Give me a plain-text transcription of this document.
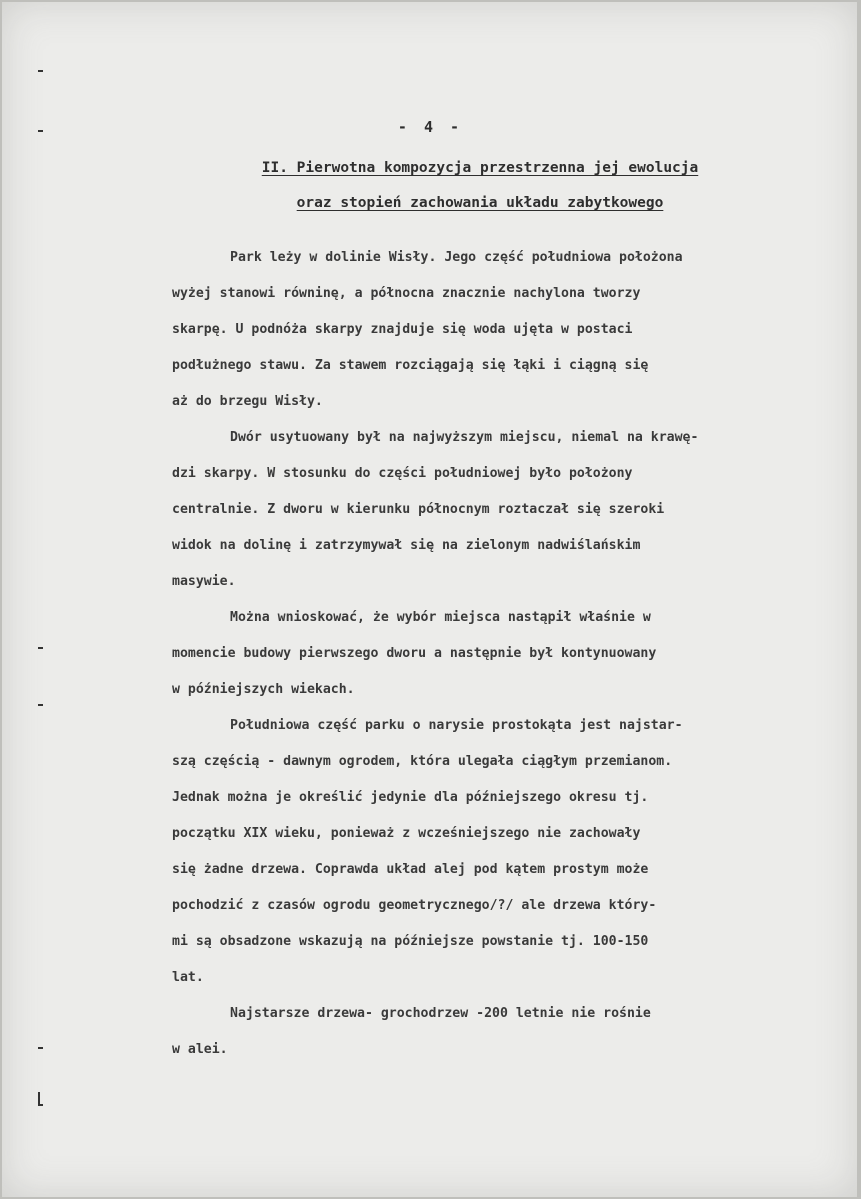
- 4 -
II. Pierwotna kompozycja przestrzenna jej ewolucja
oraz stopień zachowania układu zabytkowego
Park leży w dolinie Wisły. Jego część południowa położona
wyżej stanowi równinę, a północna znacznie nachylona tworzy
skarpę. U podnóża skarpy znajduje się woda ujęta w postaci
podłużnego stawu. Za stawem rozciągają się łąki i ciągną się
aż do brzegu Wisły.
Dwór usytuowany był na najwyższym miejscu, niemal na krawę-
dzi skarpy. W stosunku do części południowej było położony
centralnie. Z dworu w kierunku północnym roztaczał się szeroki
widok na dolinę i zatrzymywał się na zielonym nadwiślańskim
masywie.
Można wnioskować, że wybór miejsca nastąpił właśnie w
momencie budowy pierwszego dworu a następnie był kontynuowany
w późniejszych wiekach.
Południowa część parku o narysie prostokąta jest najstar-
szą częścią - dawnym ogrodem, która ulegała ciągłym przemianom.
Jednak można je określić jedynie dla późniejszego okresu tj.
początku XIX wieku, ponieważ z wcześniejszego nie zachowały
się żadne drzewa. Coprawda układ alej pod kątem prostym może
pochodzić z czasów ogrodu geometrycznego/?/ ale drzewa który-
mi są obsadzone wskazują na późniejsze powstanie tj. 100-150
lat.
Najstarsze drzewa- grochodrzew -200 letnie nie rośnie
w alei.
